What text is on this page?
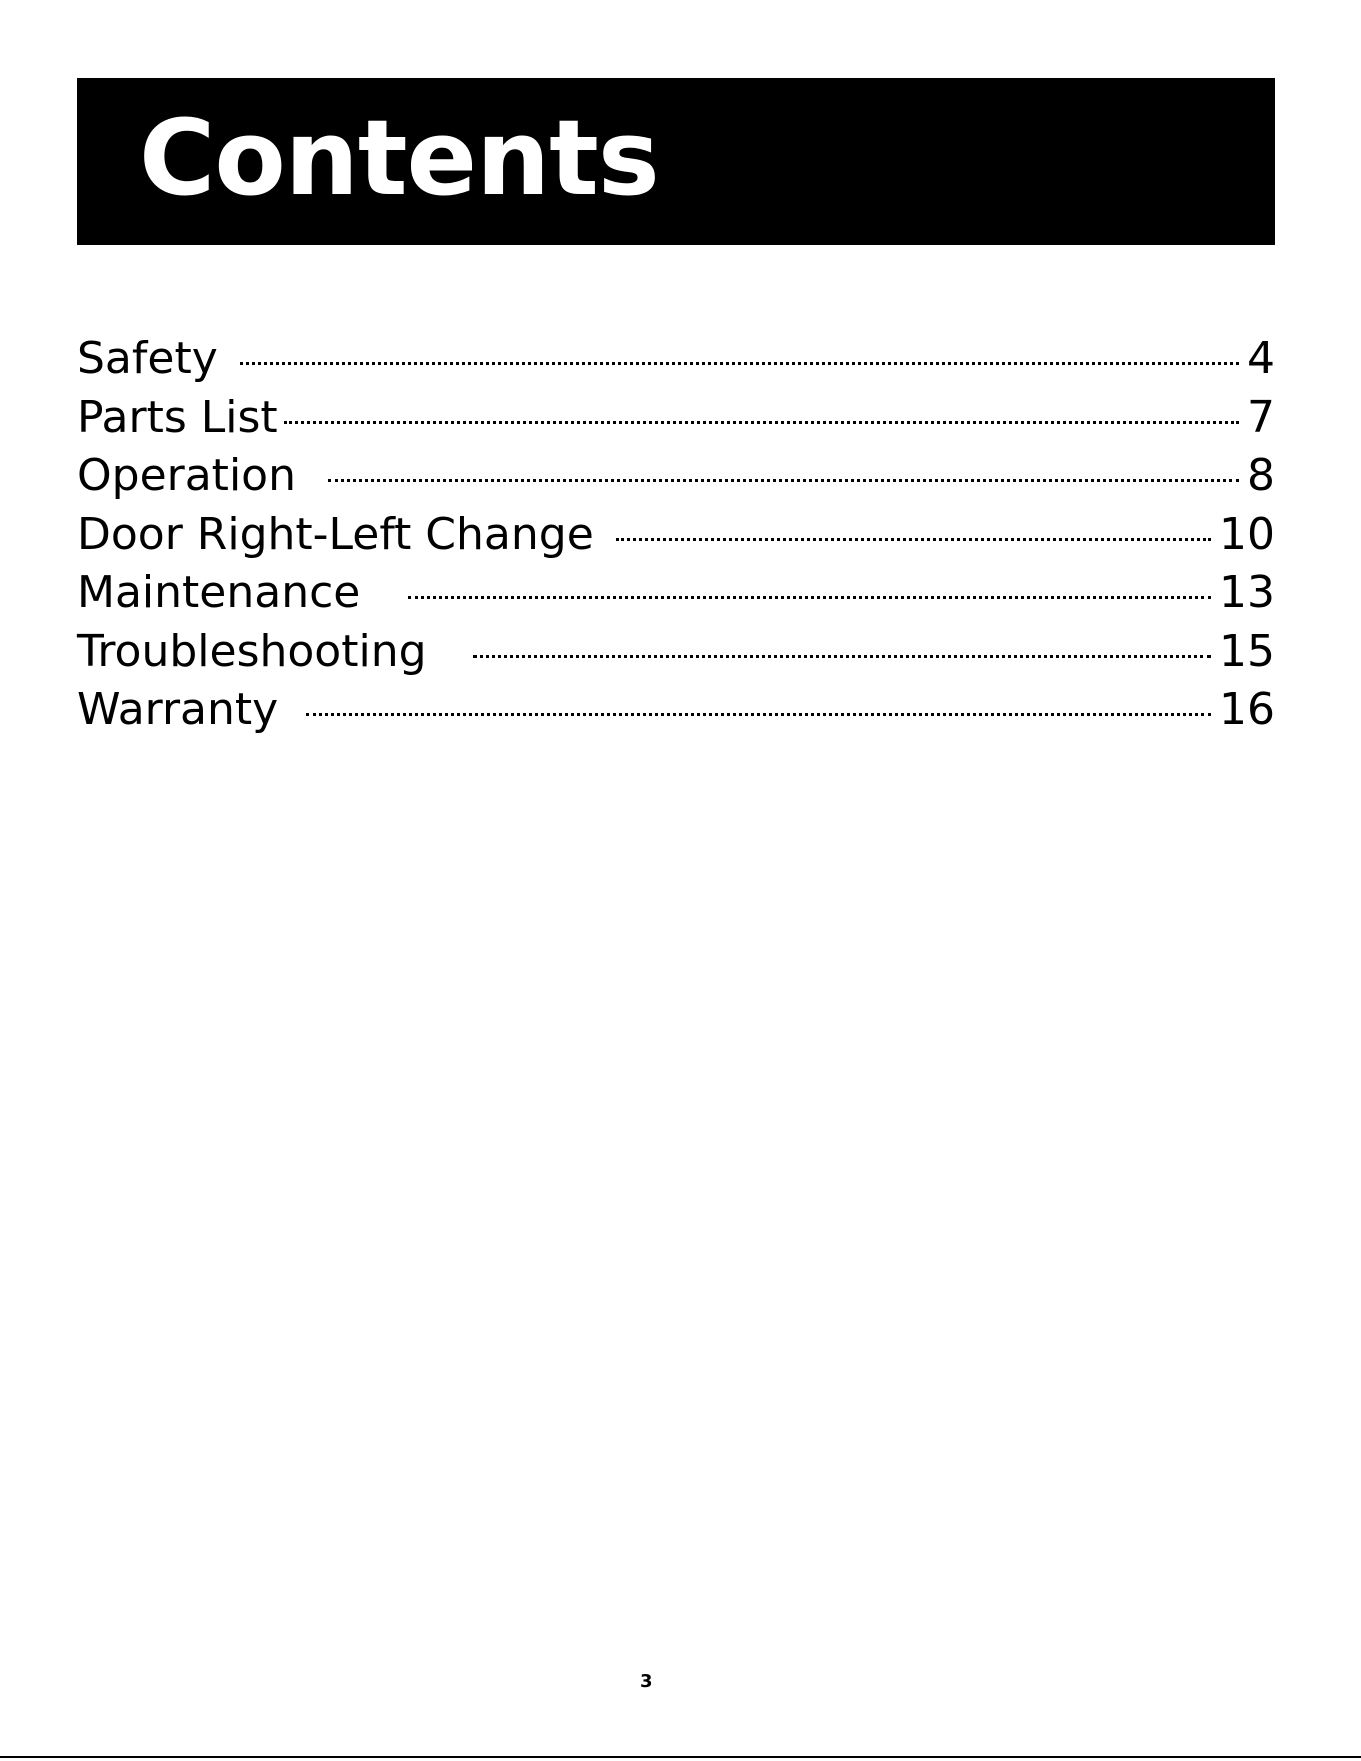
Contents
Safety	4
Parts List	7
Operation	8
Door Right-Left Change	10
Maintenance	13
Troubleshooting	15
Warranty	16
3
